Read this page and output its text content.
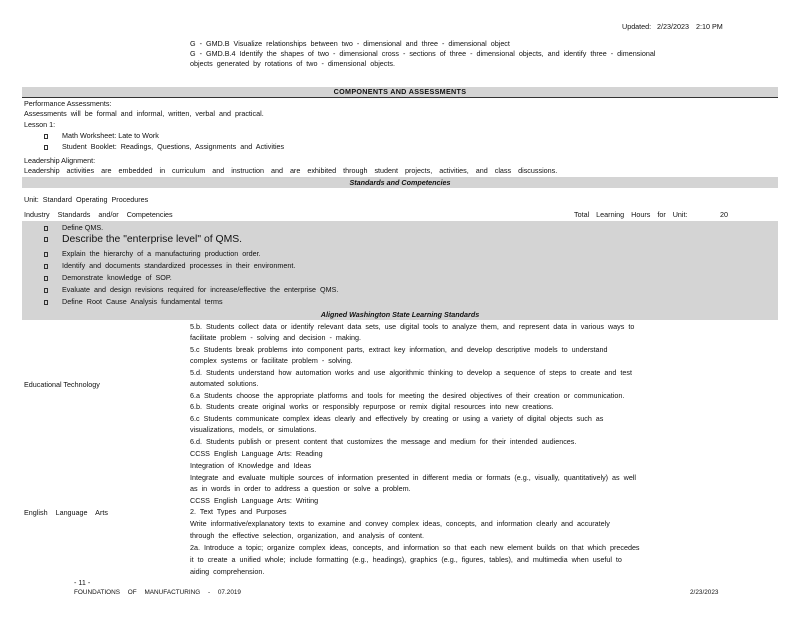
Updated: 2/23/2023 2:10 PM
G - GMD.B Visualize relationships between two - dimensional and three - dimensional object
G - GMD.B.4 Identify the shapes of two - dimensional cross - sections of three - dimensional objects, and identify three - dimensional
objects generated by rotations of two - dimensional objects.
COMPONENTS AND ASSESSMENTS
Performance Assessments:
Assessments will be formal and informal, written, verbal and practical.
Lesson 1:
Math Worksheet: Late to Work
Student Booklet: Readings, Questions, Assignments and Activities
Leadership Alignment:
Leadership activities are embedded in curriculum and instruction and are exhibited through student projects, activities, and class discussions.
Standards and Competencies
Unit: Standard Operating Procedures
Industry Standards and/or Competencies	Total Learning Hours for Unit:	20
Define QMS.
Describe the "enterprise level" of QMS.
Explain the hierarchy of a manufacturing production order.
Identify and documents standardized processes in their environment.
Demonstrate knowledge of SOP.
Evaluate and design revisions required for increase/effective the enterprise QMS.
Define Root Cause Analysis fundamental terms
Aligned Washington State Learning Standards
Educational Technology
5.b. Students collect data or identify relevant data sets, use digital tools to analyze them, and represent data in various ways to
facilitate problem - solving and decision - making.
5.c Students break problems into component parts, extract key information, and develop descriptive models to understand
complex systems or facilitate problem - solving.
5.d. Students understand how automation works and use algorithmic thinking to develop a sequence of steps to create and test
automated solutions.
6.a Students choose the appropriate platforms and tools for meeting the desired objectives of their creation or communication.
6.b. Students create original works or responsibly repurpose or remix digital resources into new creations.
6.c Students communicate complex ideas clearly and effectively by creating or using a variety of digital objects such as
visualizations, models, or simulations.
6.d. Students publish or present content that customizes the message and medium for their intended audiences.
English Language Arts
CCSS English Language Arts: Reading
Integration of Knowledge and Ideas
Integrate and evaluate multiple sources of information presented in different media or formats (e.g., visually, quantitatively) as well
as in words in order to address a question or solve a problem.
CCSS English Language Arts: Writing
2. Text Types and Purposes
Write informative/explanatory texts to examine and convey complex ideas, concepts, and information clearly and accurately
through the effective selection, organization, and analysis of content.
2a. Introduce a topic; organize complex ideas, concepts, and information so that each new element builds on that which precedes
it to create a unified whole; include formatting (e.g., headings), graphics (e.g., figures, tables), and multimedia when useful to
aiding comprehension.
- 11 -
FOUNDATIONS OF MANUFACTURING - 07.2019	2/23/2023
